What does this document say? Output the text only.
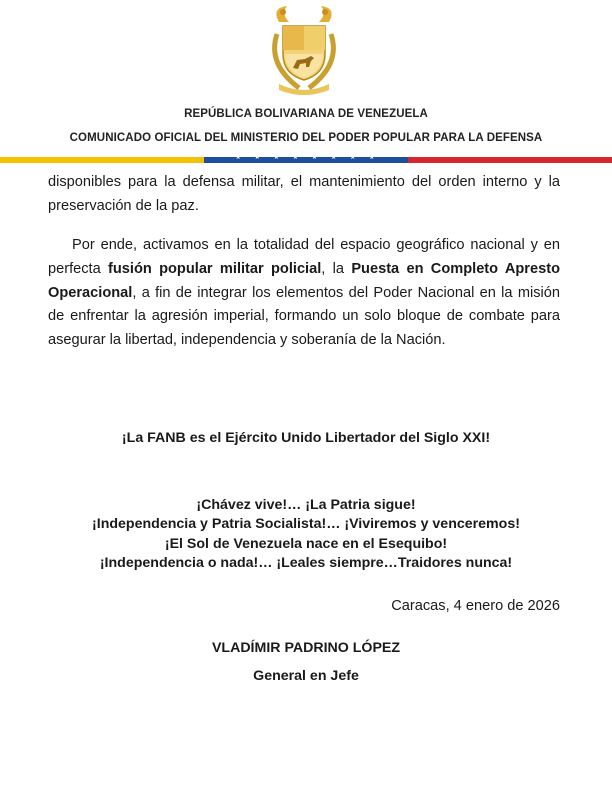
REPÚBLICA BOLIVARIANA DE VENEZUELA
COMUNICADO OFICIAL DEL MINISTERIO DEL PODER POPULAR PARA LA DEFENSA
★ ★ ★ ★ ★ ★ ★ ★
disponibles para la defensa militar, el mantenimiento del orden interno y la preservación de la paz.
Por ende, activamos en la totalidad del espacio geográfico nacional y en perfecta fusión popular militar policial, la Puesta en Completo Apresto Operacional, a fin de integrar los elementos del Poder Nacional en la misión de enfrentar la agresión imperial, formando un solo bloque de combate para asegurar la libertad, independencia y soberanía de la Nación.
¡La FANB es el Ejército Unido Libertador del Siglo XXI!
¡Chávez vive!… ¡La Patria sigue!
¡Independencia y Patria Socialista!… ¡Viviremos y venceremos!
¡El Sol de Venezuela nace en el Esequibo!
¡Independencia o nada!… ¡Leales siempre…Traidores nunca!
Caracas, 4 enero de 2026
VLADÍMIR PADRINO LÓPEZ
General en Jefe
